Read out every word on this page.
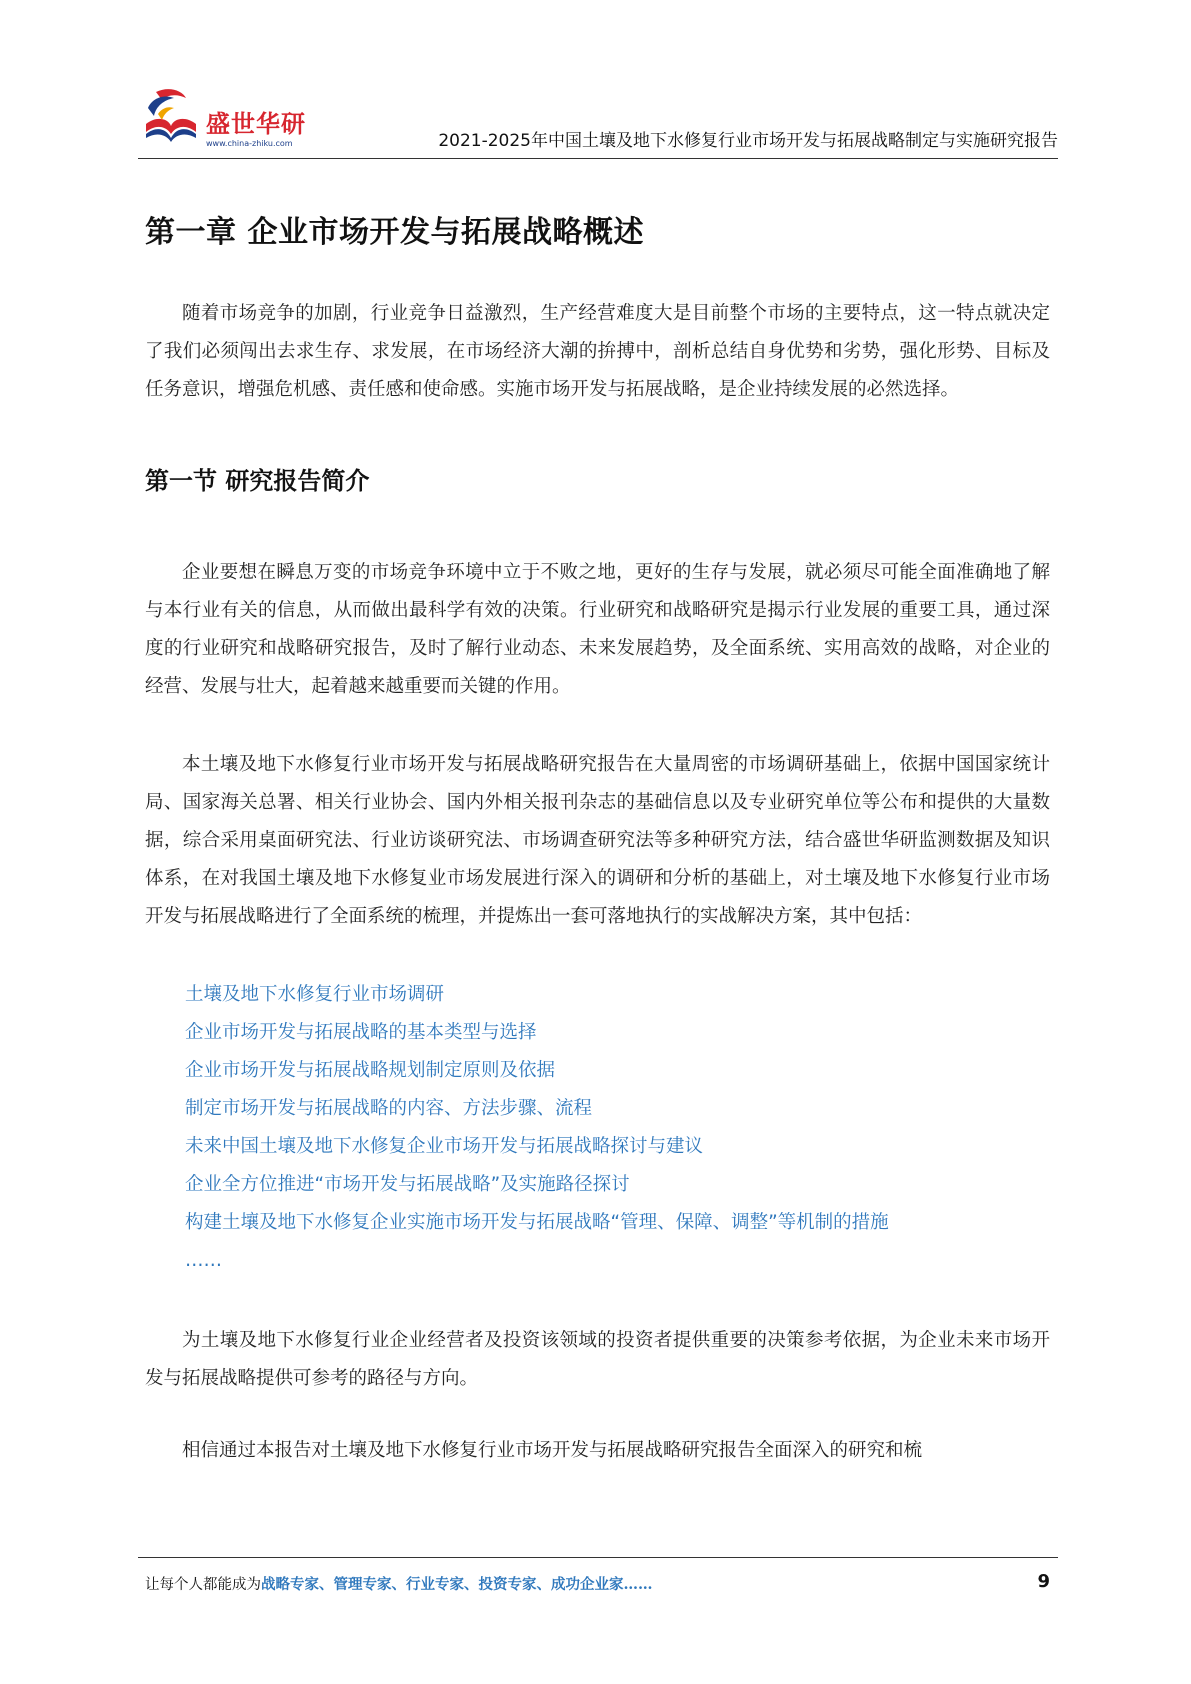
盛世华研
www.china-zhiku.com	2021-2025年中国土壤及地下水修复行业市场开发与拓展战略制定与实施研究报告
第一章 企业市场开发与拓展战略概述

随着市场竞争的加剧，行业竞争日益激烈，生产经营难度大是目前整个市场的主要特点，这一特点就决定了我们必须闯出去求生存、求发展，在市场经济大潮的拚搏中，剖析总结自身优势和劣势，强化形势、目标及任务意识，增强危机感、责任感和使命感。实施市场开发与拓展战略，是企业持续发展的必然选择。

第一节 研究报告简介

企业要想在瞬息万变的市场竞争环境中立于不败之地，更好的生存与发展，就必须尽可能全面准确地了解与本行业有关的信息，从而做出最科学有效的决策。行业研究和战略研究是揭示行业发展的重要工具，通过深度的行业研究和战略研究报告，及时了解行业动态、未来发展趋势，及全面系统、实用高效的战略，对企业的经营、发展与壮大，起着越来越重要而关键的作用。

本土壤及地下水修复行业市场开发与拓展战略研究报告在大量周密的市场调研基础上，依据中国国家统计局、国家海关总署、相关行业协会、国内外相关报刊杂志的基础信息以及专业研究单位等公布和提供的大量数据，综合采用桌面研究法、行业访谈研究法、市场调查研究法等多种研究方法，结合盛世华研监测数据及知识体系，在对我国土壤及地下水修复业市场发展进行深入的调研和分析的基础上，对土壤及地下水修复行业市场开发与拓展战略进行了全面系统的梳理，并提炼出一套可落地执行的实战解决方案，其中包括：

土壤及地下水修复行业市场调研
企业市场开发与拓展战略的基本类型与选择
企业市场开发与拓展战略规划制定原则及依据
制定市场开发与拓展战略的内容、方法步骤、流程
未来中国土壤及地下水修复企业市场开发与拓展战略探讨与建议
企业全方位推进“市场开发与拓展战略”及实施路径探讨
构建土壤及地下水修复企业实施市场开发与拓展战略“管理、保障、调整”等机制的措施
……

为土壤及地下水修复行业企业经营者及投资该领域的投资者提供重要的决策参考依据，为企业未来市场开发与拓展战略提供可参考的路径与方向。

相信通过本报告对土壤及地下水修复行业市场开发与拓展战略研究报告全面深入的研究和梳

让每个人都能成为战略专家、管理专家、行业专家、投资专家、成功企业家……	9
